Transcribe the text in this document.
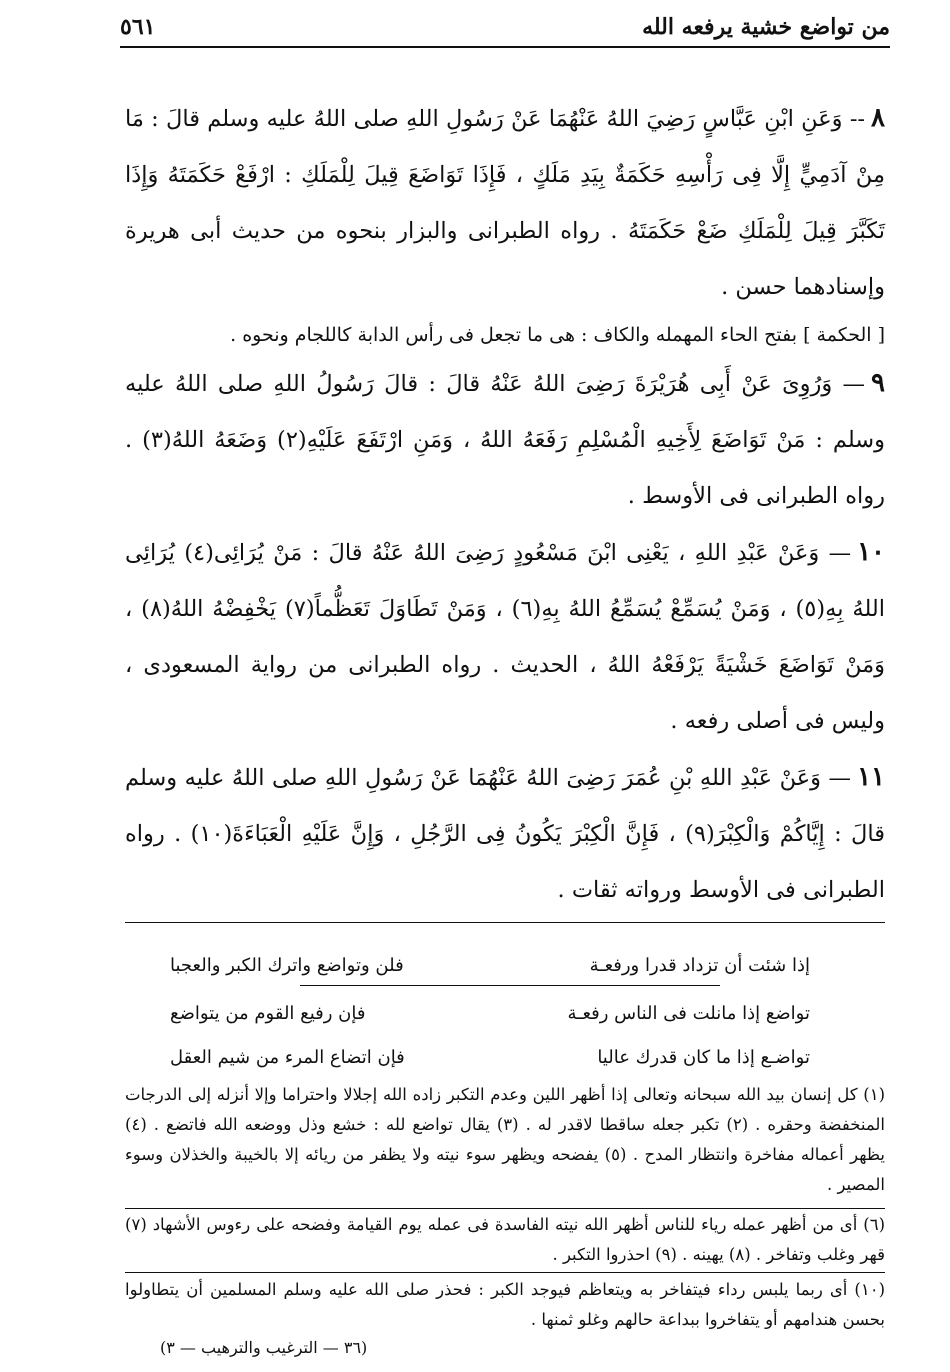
من تواضع خشية يرفعه الله
٥٦١

٨-- وَعَنِ ابْنِ عَبَّاسٍ رَضِيَ اللهُ عَنْهُمَا عَنْ رَسُولِ اللهِ صلى اللهُ عليه وسلم قالَ : مَا مِنْ آدَمِيٍّ إِلَّا فِى رَأْسِهِ حَكَمَةٌ بِيَدِ مَلَكٍ ، فَإِذَا تَوَاضَعَ قِيلَ لِلْمَلَكِ : ارْفَعْ حَكَمَتَهُ وَإِذَا تَكَبَّرَ قِيلَ لِلْمَلَكِ ضَعْ حَكَمَتَهُ . رواه الطبرانى والبزار بنحوه من حديث أبى هريرة وإسنادهما حسن .

[ الحكمة ] بفتح الحاء المهمله والكاف : هى ما تجعل فى رأس الدابة كاللجام ونحوه .

٩— وَرُوِىَ عَنْ أَبِى هُرَيْرَةَ رَضِىَ اللهُ عَنْهُ قالَ : قالَ رَسُولُ اللهِ صلى اللهُ عليه وسلم : مَنْ تَوَاضَعَ لِأَخِيهِ الْمُسْلِمِ رَفَعَهُ اللهُ ، وَمَنِ ارْتَفَعَ عَلَيْهِ(٢) وَضَعَهُ اللهُ(٣) . رواه الطبرانى فى الأوسط .

١٠— وَعَنْ عَبْدِ اللهِ ، يَعْنِى ابْنَ مَسْعُودٍ رَضِىَ اللهُ عَنْهُ قالَ : مَنْ يُرَائِى(٤) يُرَائِى اللهُ بِهِ(٥) ، وَمَنْ يُسَمِّعْ يُسَمِّعُ اللهُ بِهِ(٦) ، وَمَنْ تَطَاوَلَ تَعَظُّماً(٧) يَخْفِضْهُ اللهُ(٨) ، وَمَنْ تَوَاضَعَ خَشْيَةً يَرْفَعْهُ اللهُ ، الحديث . رواه الطبرانى من رواية المسعودى ، وليس فى أصلى رفعه .

١١— وَعَنْ عَبْدِ اللهِ بْنِ عُمَرَ رَضِىَ اللهُ عَنْهُمَا عَنْ رَسُولِ اللهِ صلى اللهُ عليه وسلم قالَ : إِيَّاكُمْ وَالْكِبْرَ(٩) ، فَإِنَّ الْكِبْرَ يَكُونُ فِى الرَّجُلِ ، وَإِنَّ عَلَيْهِ الْعَبَاءَةَ(١٠) . رواه الطبرانى فى الأوسط ورواته ثقات .

إذا شئت أن تزداد قدرا ورفعـة
فلن وتواضع واترك الكبر والعجبا
تواضع إذا مانلت فى الناس رفعـة
فإن رفيع القوم من يتواضع
تواضـع إذا ما كان قدرك عاليا
فإن اتضاع المرء من شيم العقل

(١) كل إنسان بيد الله سبحانه وتعالى إذا أظهر اللين وعدم التكبر زاده الله إجلالا واحتراما وإلا أنزله إلى الدرجات المنخفضة وحقره . (٢) تكبر جعله ساقطا لاقدر له . (٣) يقال تواضع لله : خشع وذل ووضعه الله فاتضع . (٤) يظهر أعماله مفاخرة وانتظار المدح . (٥) يفضحه ويظهر سوء نيته ولا يظفر من ريائه إلا بالخيبة والخذلان وسوء المصير .

(٦) أى من أظهر عمله رياء للناس أظهر الله نيته الفاسدة فى عمله يوم القيامة وفضحه على رءوس الأشهاد (٧) قهر وغلب وتفاخر . (٨) يهينه . (٩) احذروا التكبر .

(١٠) أى ربما يلبس رداء فيتفاخر به ويتعاظم فيوجد الكبر : فحذر صلى الله عليه وسلم المسلمين أن يتطاولوا بحسن هندامهم أو يتفاخروا ببداعة حالهم وغلو ثمنها .

(٣٦ — الترغيب والترهيب — ٣)
